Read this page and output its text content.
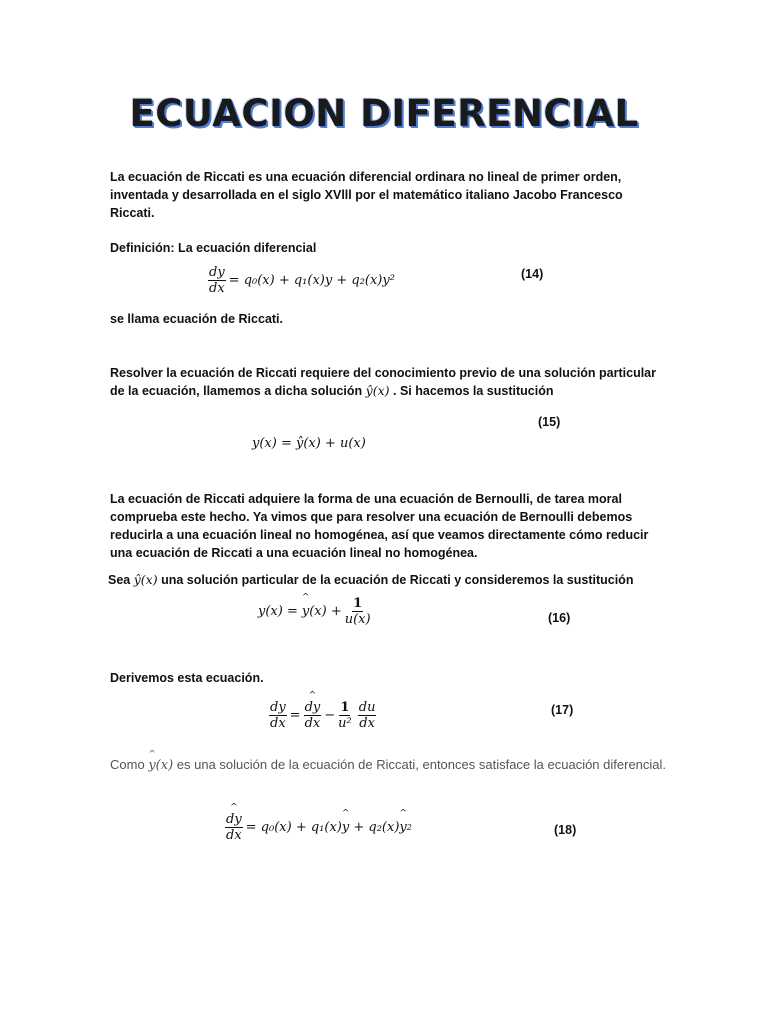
ECUACION DIFERENCIAL
La ecuación de Riccati es una ecuación diferencial ordinara no lineal de primer orden, inventada y desarrollada en el siglo XVlll por el matemático italiano Jacobo Francesco Riccati.
Definición: La ecuación diferencial
$\frac{dy}{dx} = q_0(x) + q_1(x)y + q_2(x)y^2$	(14)
se llama ecuación de Riccati.
Resolver la ecuación de Riccati requiere del conocimiento previo de una solución particular de la ecuación, llamemos a dicha solución ŷ(x) . Si hacemos la sustitución
(15)
y(x) = ŷ(x) + u(x)
La ecuación de Riccati adquiere la forma de una ecuación de Bernoulli, de tarea moral comprueba este hecho. Ya vimos que para resolver una ecuación de Bernoulli debemos reducirla a una ecuación lineal no homogénea, así que veamos directamente cómo reducir una ecuación de Riccati a una ecuación lineal no homogénea.
Sea ŷ(x) una solución particular de la ecuación de Riccati y consideremos la sustitución
y(x) =
^
y $(x) + \frac{1}{u(x)}$	(16)
Derivemos esta ecuación.
$\frac{dy}{dx}$ = ^
dy
dx − $\frac{1}{\text{u²}} \frac{du}{dx}$	(17)
Como
^
y(x) es una solución de la ecuación de Riccati, entonces satisface la ecuación diferencial.
^
dy
dx = q₀(x) + q₁(x)
^
y + q₂(x)
^
y 2	(18)
